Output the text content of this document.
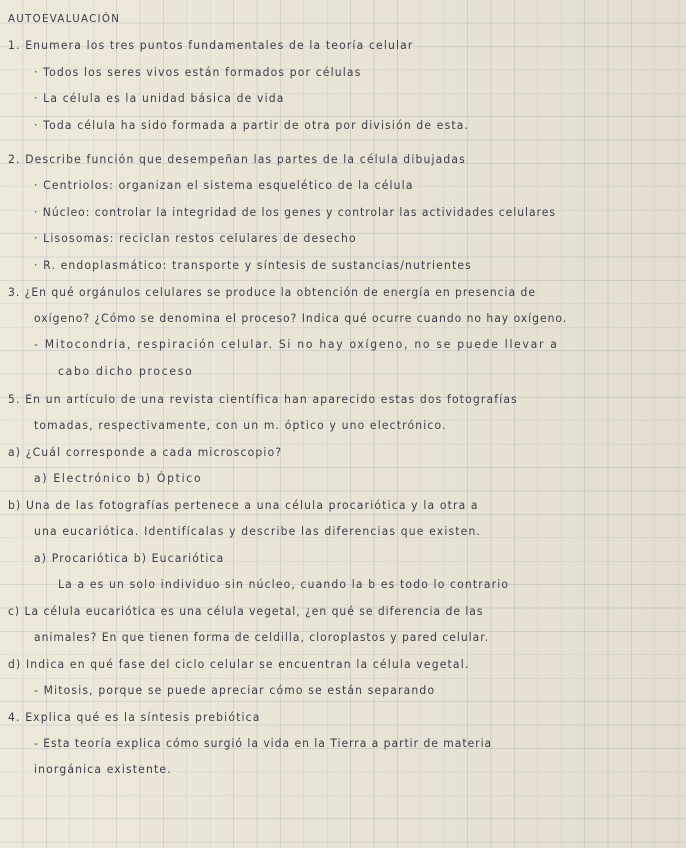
AUTOEVALUACIÓN

1. Enumera los tres puntos fundamentales de la teoría celular

· Todos los seres vivos están formados por células

· La célula es la unidad básica de vida

· Toda célula ha sido formada a partir de otra por división de esta.

2. Describe función que desempeñan las partes de la célula dibujadas

· Centriolos: organizan el sistema esquelético de la célula

· Núcleo: controlar la integridad de los genes y controlar las actividades celulares

· Lisosomas: reciclan restos celulares de desecho

· R. endoplasmático: transporte y síntesis de sustancias/nutrientes

3. ¿En qué orgánulos celulares se produce la obtención de energía en presencia de

oxígeno? ¿Cómo se denomina el proceso? Indica qué ocurre cuando no hay oxígeno.

- Mitocondria, respiración celular. Si no hay oxígeno, no se puede llevar a

cabo dicho proceso

5. En un artículo de una revista científica han aparecido estas dos fotografías

tomadas, respectivamente, con un m. óptico y uno electrónico.

a) ¿Cuál corresponde a cada microscopio?

a) Electrónico b) Óptico

b) Una de las fotografías pertenece a una célula procariótica y la otra a

una eucariótica. Identifícalas y describe las diferencias que existen.

a) Procariótica b) Eucariótica

La a es un solo individuo sin núcleo, cuando la b es todo lo contrario

c) La célula eucariótica es una célula vegetal, ¿en qué se diferencia de las

animales? En que tienen forma de celdilla, cloroplastos y pared celular.

d) Indica en qué fase del ciclo celular se encuentran la célula vegetal.

- Mitosis, porque se puede apreciar cómo se están separando

4. Explica qué es la síntesis prebiótica

- Esta teoría explica cómo surgió la vida en la Tierra a partir de materia

inorgánica existente.
